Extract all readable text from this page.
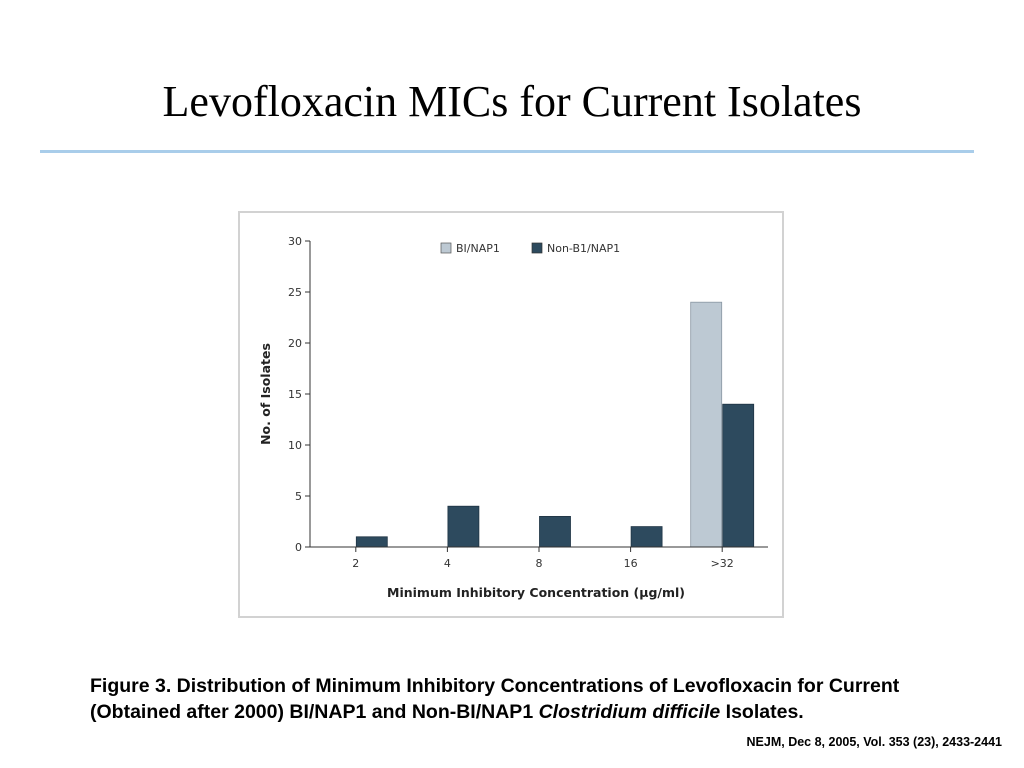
Levofloxacin MICs for Current Isolates
0
5
10
15
20
25
30
2	4	8	16	>32
BI/NAP1	Non-B1/NAP1
No. of Isolates
Minimum Inhibitory Concentration (µg/ml)
Figure 3. Distribution of Minimum Inhibitory Concentrations of Levofloxacin for Current (Obtained after 2000) BI/NAP1 and Non-BI/NAP1 Clostridium difficile Isolates.
NEJM, Dec 8, 2005, Vol. 353 (23), 2433-2441
